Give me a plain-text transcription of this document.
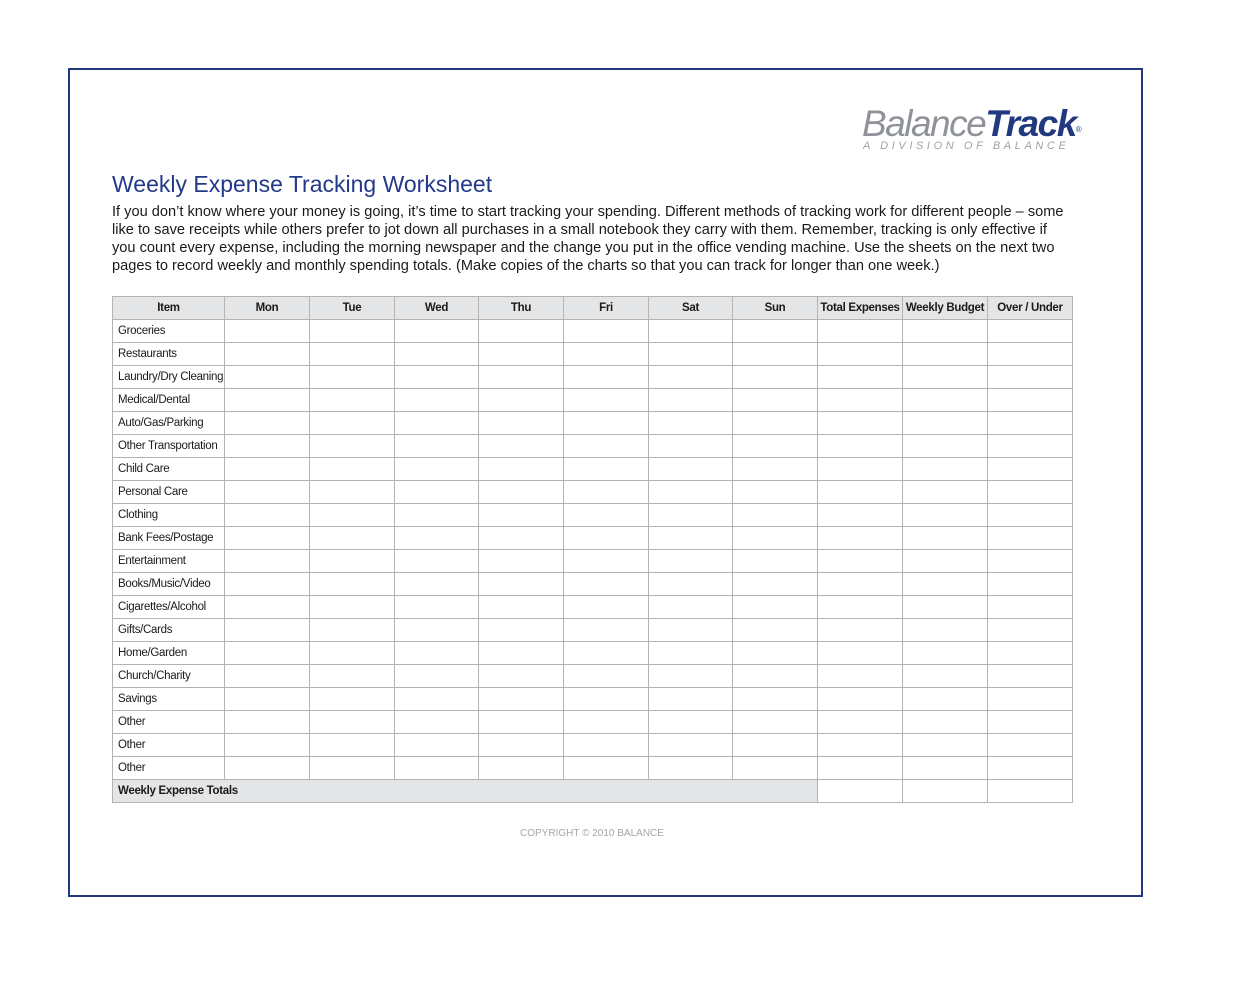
BalanceTrack®
A DIVISION OF BALANCE
Weekly Expense Tracking Worksheet

If you don’t know where your money is going, it’s time to start tracking your spending. Different methods of tracking work for different people – some like to save receipts while others prefer to jot down all purchases in a small notebook they carry with them. Remember, tracking is only effective if you count every expense, including the morning newspaper and the change you put in the office vending machine. Use the sheets on the next two pages to record weekly and monthly spending totals. (Make copies of the charts so that you can track for longer than one week.)

Item	Mon	Tue	Wed	Thu	Fri	Sat	Sun	Total Expenses	Weekly Budget	Over / Under
Groceries										
Restaurants										
Laundry/Dry Cleaning										
Medical/Dental										
Auto/Gas/Parking										
Other Transportation										
Child Care										
Personal Care										
Clothing										
Bank Fees/Postage										
Entertainment										
Books/Music/Video										
Cigarettes/Alcohol										
Gifts/Cards										
Home/Garden										
Church/Charity										
Savings										
Other										
Other										
Other										
Weekly Expense Totals										

COPYRIGHT © 2010 BALANCE
